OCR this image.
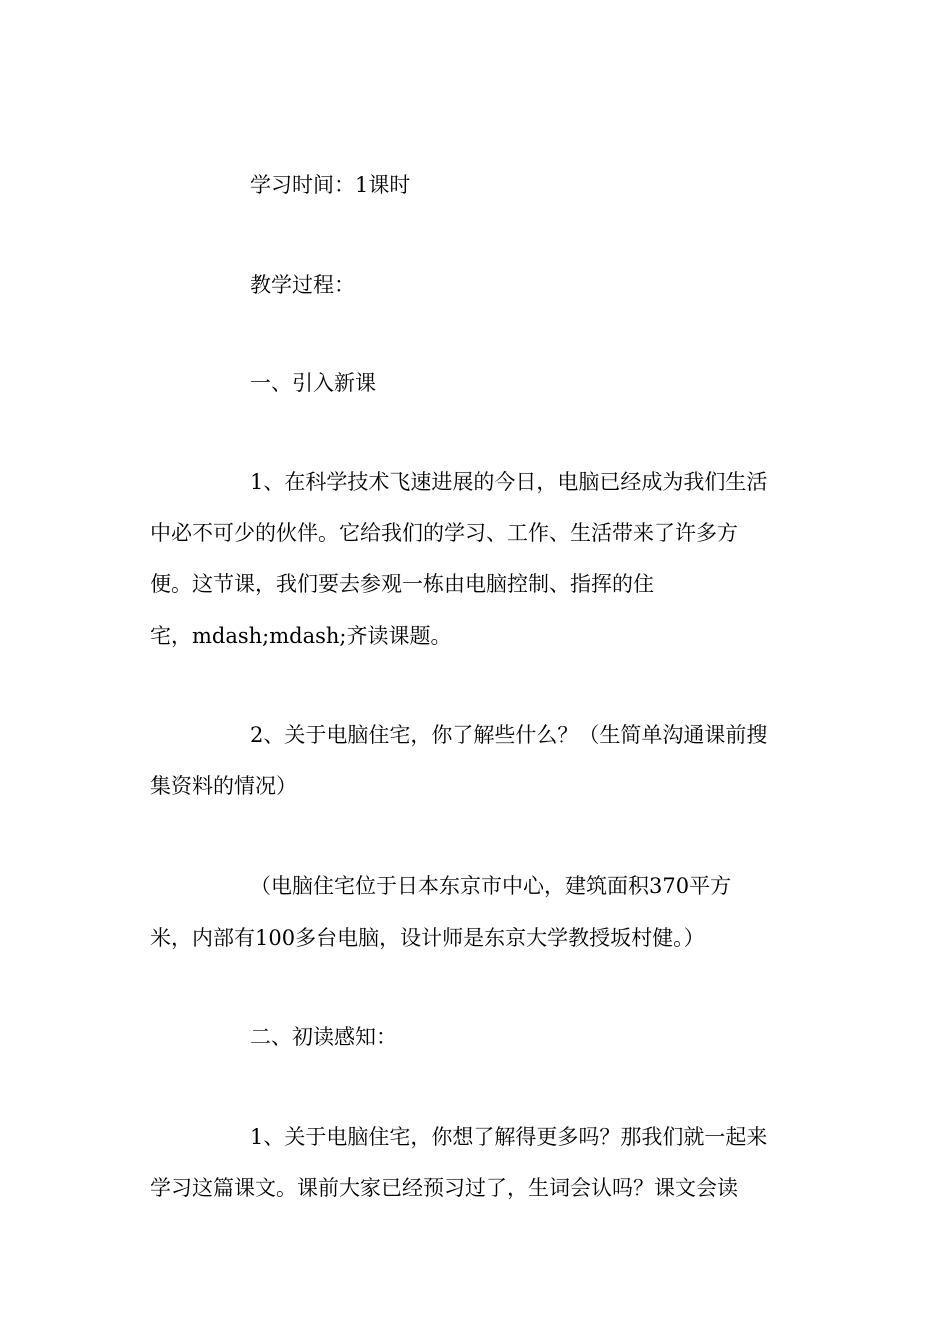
学习时间：1课时
教学过程：
一、引入新课
1、在科学技术飞速进展的今日，电脑已经成为我们生活
中必不可少的伙伴。它给我们的学习、工作、生活带来了许多方
便。这节课，我们要去参观一栋由电脑控制、指挥的住
宅，mdash;mdash;齐读课题。
2、关于电脑住宅，你了解些什么？（生简单沟通课前搜
集资料的情况）
（电脑住宅位于日本东京市中心，建筑面积370平方
米，内部有100多台电脑，设计师是东京大学教授坂村健。）
二、初读感知：
1、关于电脑住宅，你想了解得更多吗？那我们就一起来
学习这篇课文。课前大家已经预习过了，生词会认吗？课文会读
